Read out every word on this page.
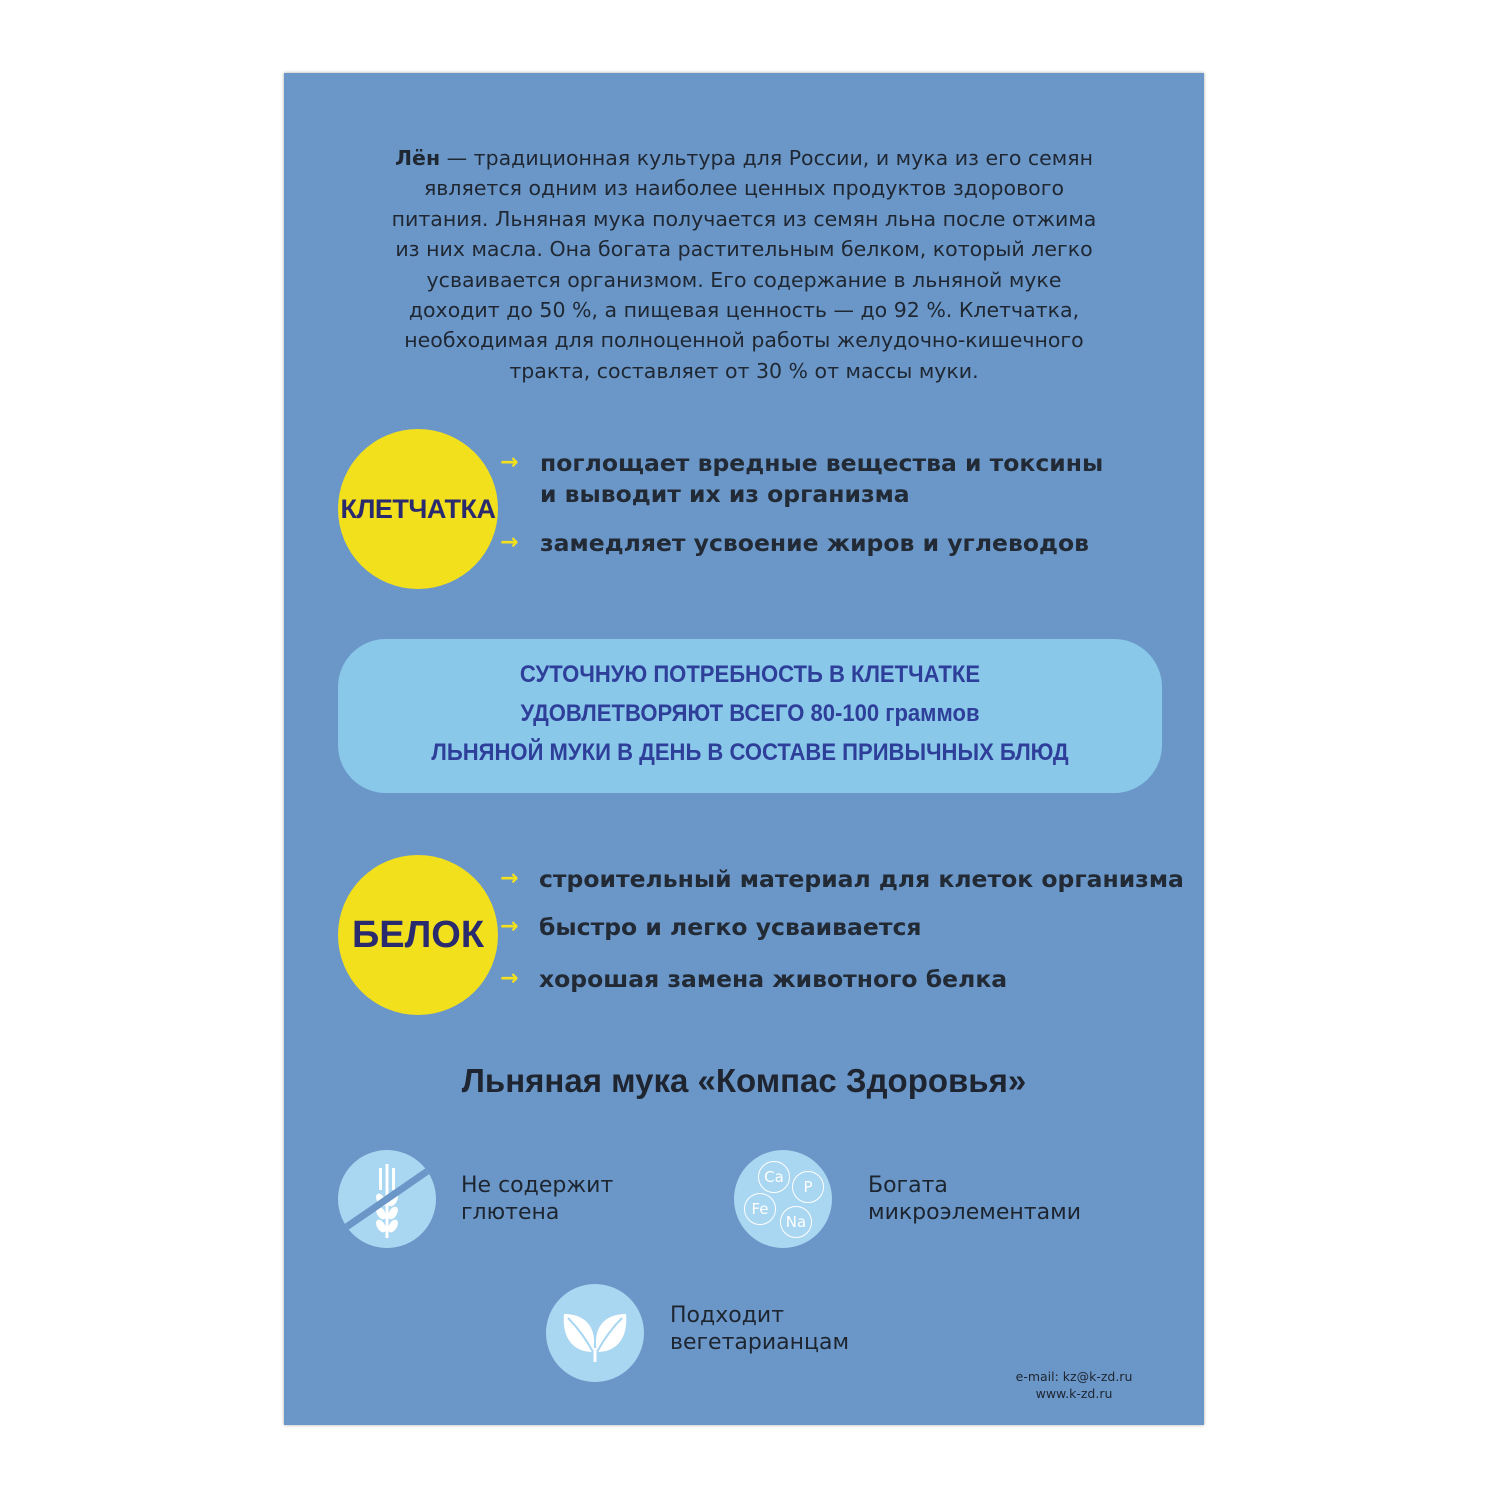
Лён — традиционная культура для России, и мука из его семян
является одним из наиболее ценных продуктов здорового
питания. Льняная мука получается из семян льна после отжима
из них масла. Она богата растительным белком, который легко
усваивается организмом. Его содержание в льняной муке
доходит до 50 %, а пищевая ценность — до 92 %. Клетчатка,
необходимая для полноценной работы желудочно-кишечного
тракта, составляет от 30 % от массы муки.
КЛЕТЧАТКА
→ поглощает вредные вещества и токсины
и выводит их из организма
→ замедляет усвоение жиров и углеводов
СУТОЧНУЮ ПОТРЕБНОСТЬ В КЛЕТЧАТКЕ
УДОВЛЕТВОРЯЮТ ВСЕГО 80-100 граммов
ЛЬНЯНОЙ МУКИ В ДЕНЬ В СОСТАВЕ ПРИВЫЧНЫХ БЛЮД
БЕЛОК
→ строительный материал для клеток организма
→ быстро и легко усваивается
→ хорошая замена животного белка
Льняная мука «Компас Здоровья»
Не содержит
глютена
Ca
P
Fe
Na
Богата
микроэлементами
Подходит
вегетарианцам
e-mail: kz@k-zd.ru
www.k-zd.ru
